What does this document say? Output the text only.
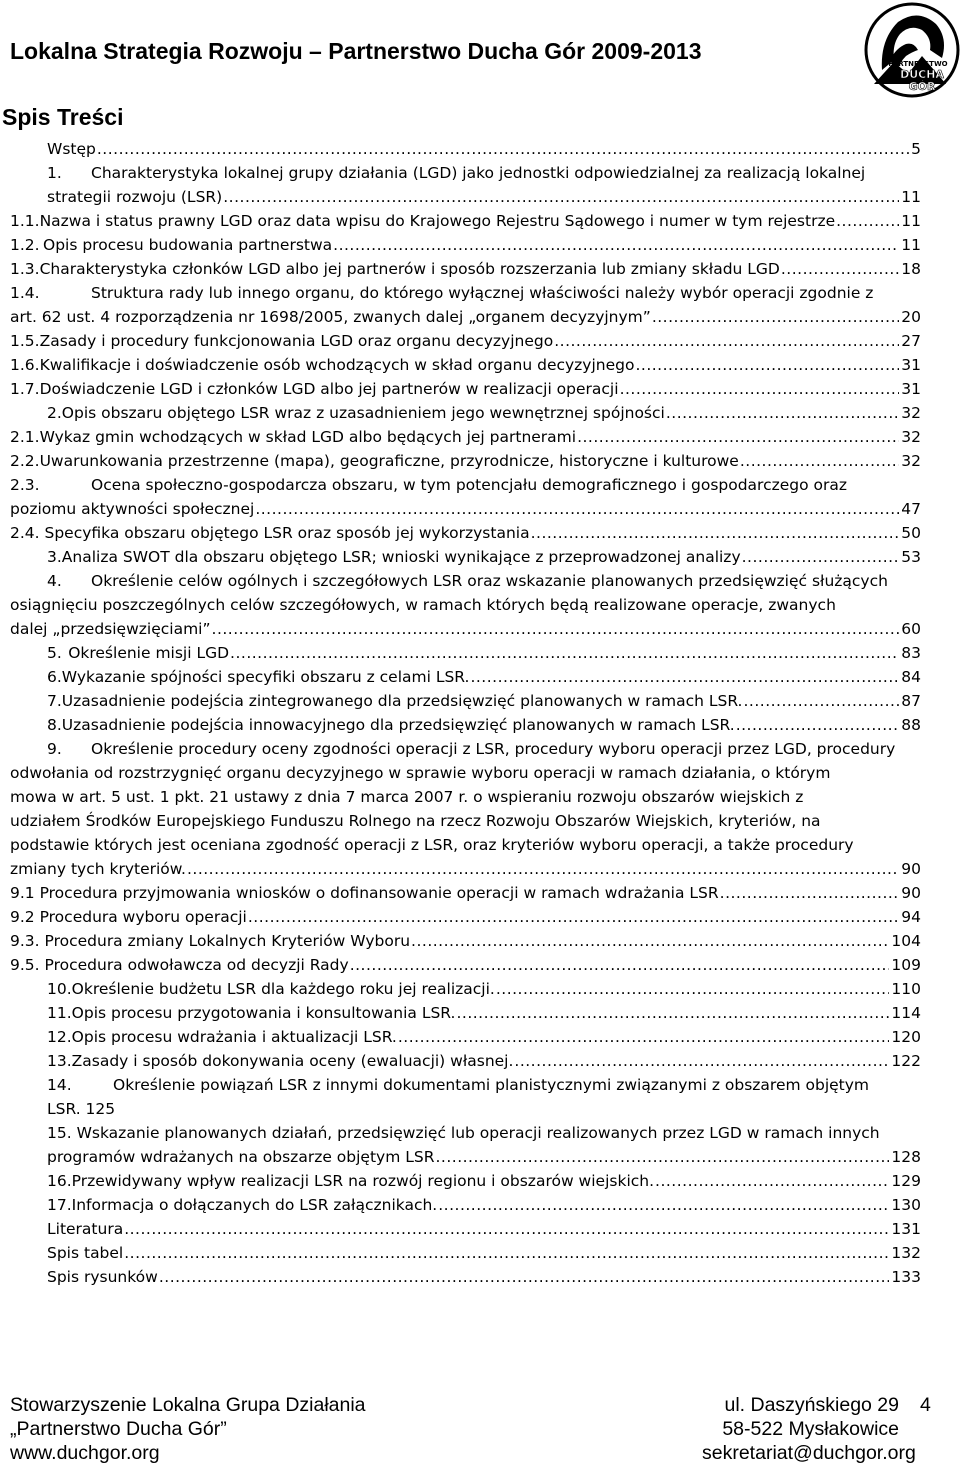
Lokalna Strategia Rozwoju – Partnerstwo Ducha Gór 2009-2013	PARTNERSTWO
DUCHA
GÓR
Spis Treści
Wstęp .....	5
1.	Charakterystyka lokalnej grupy działania (LGD) jako jednostki odpowiedzialnej za realizacją lokalnej
strategii rozwoju (LSR) .....	11
1.1. Nazwa i status prawny LGD oraz data wpisu do Krajowego Rejestru Sądowego i numer w tym rejestrze .....	11
1.2. Opis procesu budowania partnerstwa .....	11
1.3. Charakterystyka członków LGD albo jej partnerów i sposób rozszerzania lub zmiany składu LGD .....	18
1.4.	Struktura rady lub innego organu, do którego wyłącznej właściwości należy wybór operacji zgodnie z
art. 62 ust. 4 rozporządzenia nr 1698/2005, zwanych dalej „organem decyzyjnym” .....	20
1.5. Zasady i procedury funkcjonowania LGD oraz organu decyzyjnego .....	27
1.6. Kwalifikacje i doświadczenie osób wchodzących w skład organu decyzyjnego .....	31
1.7. Doświadczenie LGD i członków LGD albo jej partnerów w realizacji operacji .....	31
2. Opis obszaru objętego LSR wraz z uzasadnieniem jego wewnętrznej spójności .....	32
2.1. Wykaz gmin wchodzących w skład LGD albo będących jej partnerami .....	32
2.2. Uwarunkowania przestrzenne (mapa), geograficzne, przyrodnicze, historyczne i kulturowe .....	32
2.3.	Ocena społeczno-gospodarcza obszaru, w tym potencjału demograficznego i gospodarczego oraz
poziomu aktywności społecznej .....	47
2.4. Specyfika obszaru objętego LSR oraz sposób jej wykorzystania .....	50
3. Analiza SWOT dla obszaru objętego LSR; wnioski wynikające z przeprowadzonej analizy .....	53
4.	Określenie celów ogólnych i szczegółowych LSR oraz wskazanie planowanych przedsięwzięć służących
osiągnięciu poszczególnych celów szczegółowych, w ramach których będą realizowane operacje, zwanych
dalej „przedsięwzięciami” .....	60
5. Określenie misji LGD .....	83
6. Wykazanie spójności specyfiki obszaru z celami LSR. .....	84
7. Uzasadnienie podejścia zintegrowanego dla przedsięwzięć planowanych w ramach LSR. .....	87
8. Uzasadnienie podejścia innowacyjnego dla przedsięwzięć planowanych w ramach LSR. .....	88
9.	Określenie procedury oceny zgodności operacji z LSR, procedury wyboru operacji przez LGD, procedury
odwołania od rozstrzygnięć organu decyzyjnego w sprawie wyboru operacji w ramach działania, o którym
mowa w art. 5 ust. 1 pkt. 21 ustawy z dnia 7 marca 2007 r. o wspieraniu rozwoju obszarów wiejskich z
udziałem Środków Europejskiego Funduszu Rolnego na rzecz Rozwoju Obszarów Wiejskich, kryteriów, na
podstawie których jest oceniana zgodność operacji z LSR, oraz kryteriów wyboru operacji, a także procedury
zmiany tych kryteriów. .....	90
9.1 Procedura przyjmowania wniosków o dofinansowanie operacji w ramach wdrażania LSR .....	90
9.2 Procedura wyboru operacji .....	94
9.3. Procedura zmiany Lokalnych Kryteriów Wyboru .....	104
9.5. Procedura odwoławcza od decyzji Rady .....	109
10. Określenie budżetu LSR dla każdego roku jej realizacji. .....	110
11. Opis procesu przygotowania i konsultowania LSR. .....	114
12. Opis procesu wdrażania i aktualizacji LSR. .....	120
13. Zasady i sposób dokonywania oceny (ewaluacji) własnej. .....	122
14.	Określenie powiązań LSR z innymi dokumentami planistycznymi związanymi z obszarem objętym
LSR. 125
15. Wskazanie planowanych działań, przedsięwzięć lub operacji realizowanych przez LGD w ramach innych
programów wdrażanych na obszarze objętym LSR .....	128
16. Przewidywany wpływ realizacji LSR na rozwój regionu i obszarów wiejskich. .....	129
17. Informacja o dołączanych do LSR załącznikach. .....	130
Literatura .....	131
Spis tabel .....	132
Spis rysunków .....	133
Stowarzyszenie Lokalna Grupa Działania
„Partnerstwo Ducha Gór”
www.duchgor.org
ul. Daszyńskiego 29
58-522 Mysłakowice
sekretariat@duchgor.org
4
